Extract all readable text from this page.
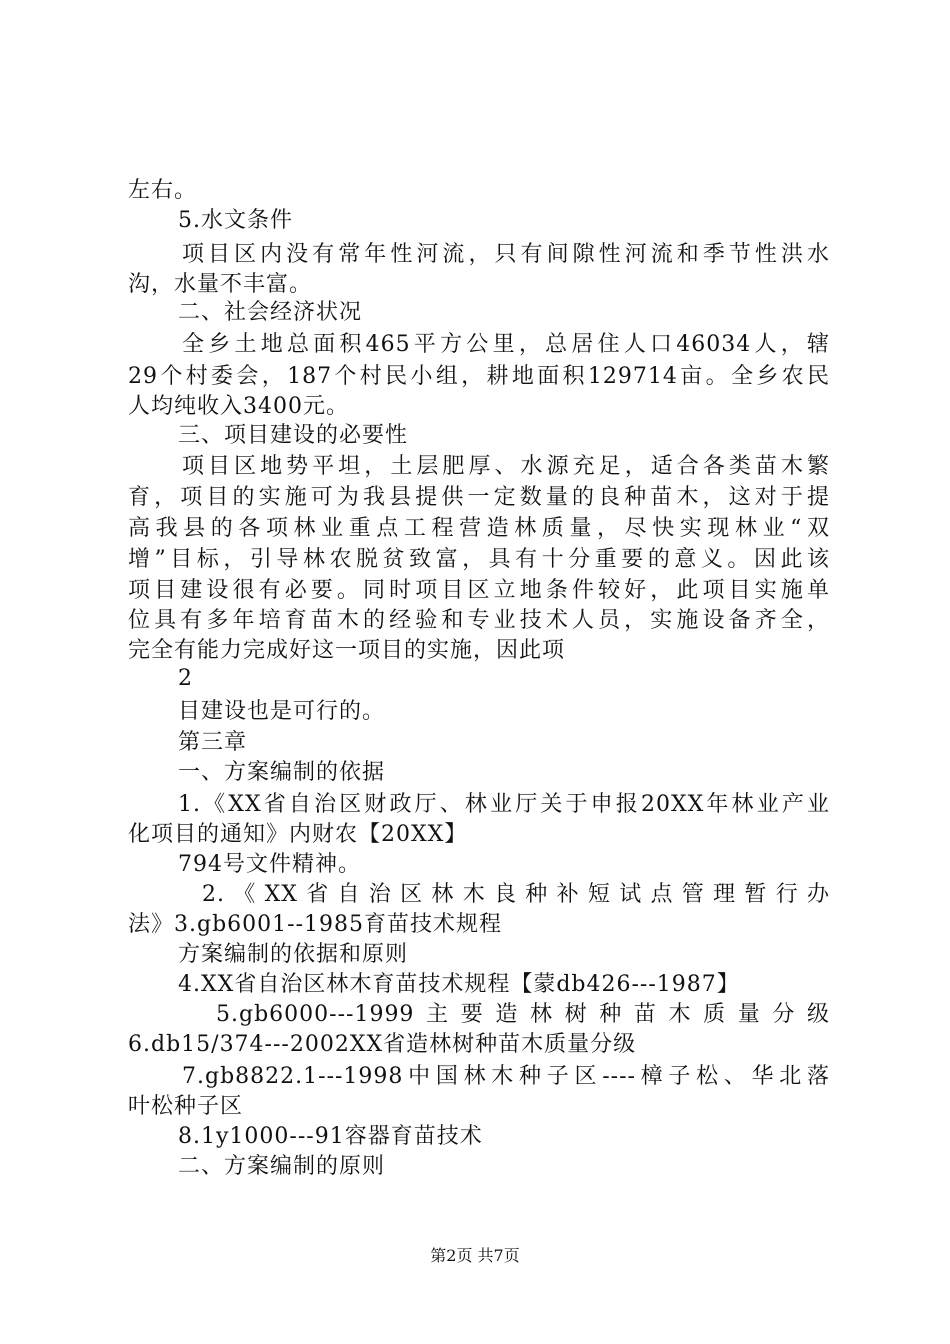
左右。
5.水文条件
项目区内没有常年性河流，只有间隙性河流和季节性洪水
沟，水量不丰富。
二、社会经济状况
全乡土地总面积465平方公里，总居住人口46034人，辖
29个村委会，187个村民小组，耕地面积129714亩。全乡农民
人均纯收入3400元。
三、项目建设的必要性
项目区地势平坦，土层肥厚、水源充足，适合各类苗木繁
育，项目的实施可为我县提供一定数量的良种苗木，这对于提
高我县的各项林业重点工程营造林质量，尽快实现林业“双
增”目标，引导林农脱贫致富，具有十分重要的意义。因此该
项目建设很有必要。同时项目区立地条件较好，此项目实施单
位具有多年培育苗木的经验和专业技术人员，实施设备齐全，
完全有能力完成好这一项目的实施，因此项
2
目建设也是可行的。
第三章
一、方案编制的依据
1.《XX省自治区财政厅、林业厅关于申报20XX年林业产业
化项目的通知》内财农【20XX】
794号文件精神。
2.《XX省自治区林木良种补短试点管理暂行办
法》3.gb6001--1985育苗技术规程
方案编制的依据和原则
4.XX省自治区林木育苗技术规程【蒙db426---1987】
5.gb6000---1999主要造林树种苗木质量分级
6.db15/374---2002XX省造林树种苗木质量分级
7.gb8822.1---1998中国林木种子区----樟子松、华北落
叶松种子区
8.1y1000---91容器育苗技术
二、方案编制的原则
第2页 共7页
